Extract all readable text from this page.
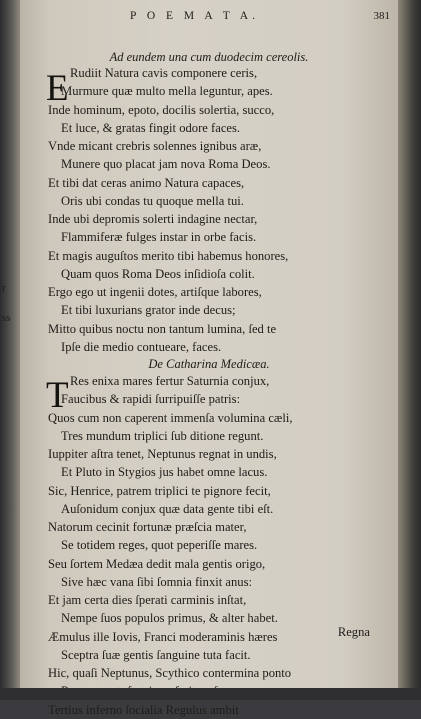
r
ss
P O E M A T A.	381
Ad eundem una cum duodecim cereolis.
E Rudiit Natura cavis componere ceris,
Murmure quæ multo mella leguntur, apes.
Inde hominum, epoto, docilis solertia, succo,
Et luce, & gratas fingit odore faces.
Vnde micant crebris solennes ignibus aræ,
Munere quo placat jam nova Roma Deos.
Et tibi dat ceras animo Natura capaces,
Oris ubi condas tu quoque mella tui.
Inde ubi depromis solerti indagine nectar,
Flammiferæ fulges instar in orbe facis.
Et magis auguſtos merito tibi habemus honores,
Quam quos Roma Deos inſidioſa colit.
Ergo ego ut ingenii dotes, artiſque labores,
Et tibi luxurians grator inde decus;
Mitto quibus noctu non tantum lumina, ſed te
Ipſe die medio contueare, faces.
De Catharina Medicæa.
T Res enixa mares fertur Saturnia conjux,
Faucibus & rapidi ſurripuiſſe patris:
Quos cum non caperent immenſa volumina cæli,
Tres mundum triplici ſub ditione regunt.
Iuppiter aſtra tenet, Neptunus regnat in undis,
Et Pluto in Stygios jus habet omne lacus.
Sic, Henrice, patrem triplici te pignore fecit,
Auſonidum conjux quæ data gente tibi eſt.
Natorum cecinit fortunæ præſcia mater,
Se totidem reges, quot peperiſſe mares.
Seu ſortem Medæa dedit mala gentis origo,
Sive hæc vana ſibi ſomnia finxit anus:
Et jam certa dies ſperati carminis inſtat,
Nempe ſuos populos primus, & alter habet.
Æmulus ille Iovis, Franci moderaminis hæres
Sceptra ſuæ gentis ſanguine tuta facit.
Hic, quaſi Neptunus, Scythico contermina ponto
Tertius inferno ſocialia Regulus ambit
Regna
